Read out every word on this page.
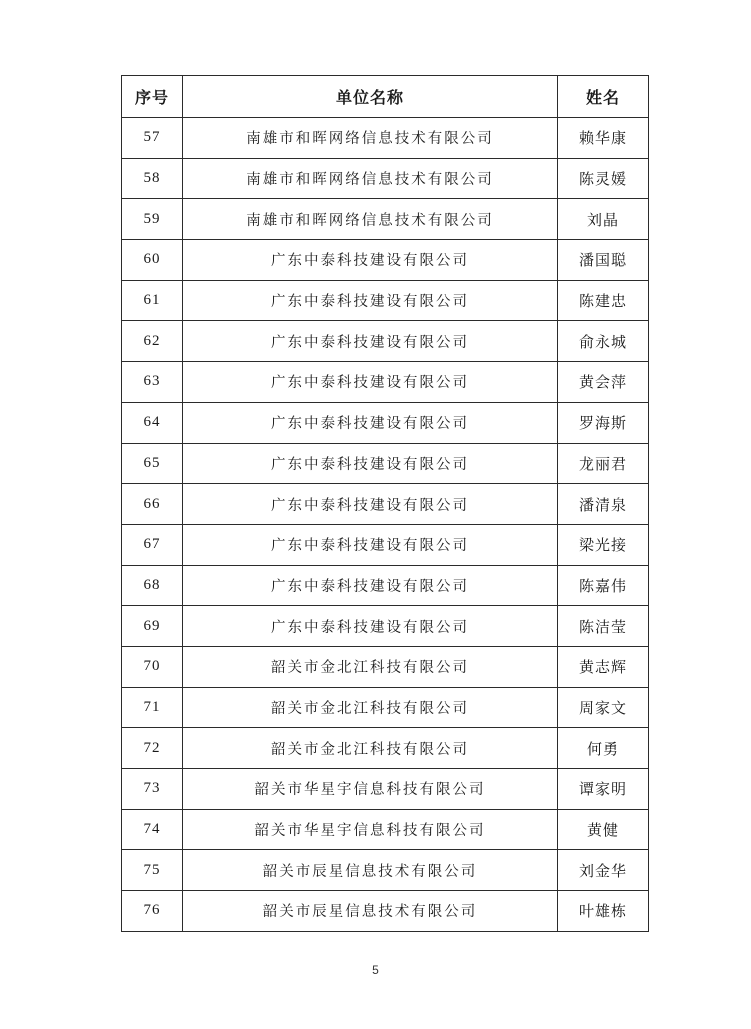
序号	单位名称	姓名
57	南雄市和晖网络信息技术有限公司	赖华康
58	南雄市和晖网络信息技术有限公司	陈灵媛
59	南雄市和晖网络信息技术有限公司	刘晶
60	广东中泰科技建设有限公司	潘国聪
61	广东中泰科技建设有限公司	陈建忠
62	广东中泰科技建设有限公司	俞永城
63	广东中泰科技建设有限公司	黄会萍
64	广东中泰科技建设有限公司	罗海斯
65	广东中泰科技建设有限公司	龙丽君
66	广东中泰科技建设有限公司	潘清泉
67	广东中泰科技建设有限公司	梁光接
68	广东中泰科技建设有限公司	陈嘉伟
69	广东中泰科技建设有限公司	陈洁莹
70	韶关市金北江科技有限公司	黄志辉
71	韶关市金北江科技有限公司	周家文
72	韶关市金北江科技有限公司	何勇
73	韶关市华星宇信息科技有限公司	谭家明
74	韶关市华星宇信息科技有限公司	黄健
75	韶关市辰星信息技术有限公司	刘金华
76	韶关市辰星信息技术有限公司	叶雄栋
5
